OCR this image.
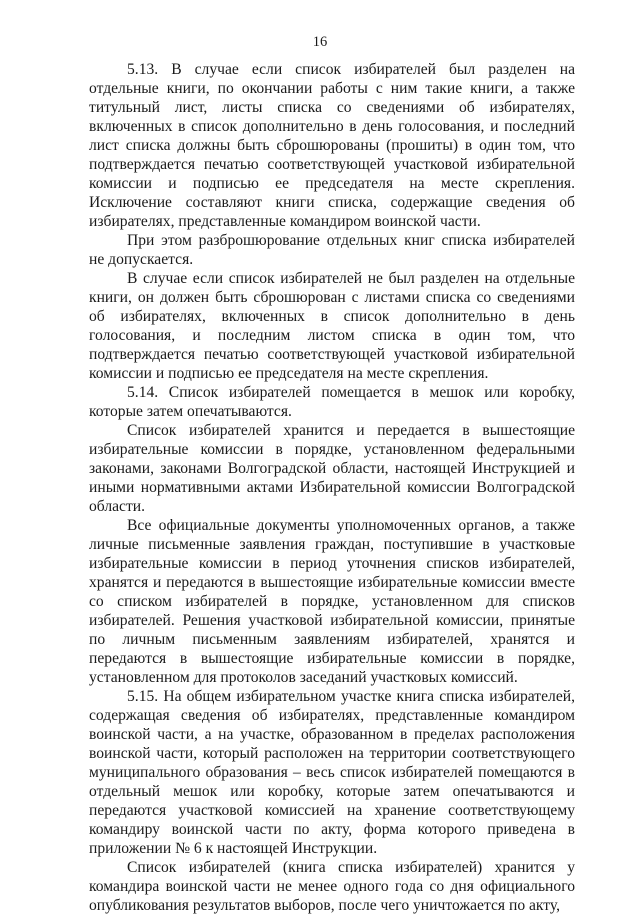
16

5.13. В случае если список избирателей был разделен на отдельные книги, по окончании работы с ним такие книги, а также титульный лист, листы списка со сведениями об избирателях, включенных в список дополнительно в день голосования, и последний лист списка должны быть сброшюрованы (прошиты) в один том, что подтверждается печатью соответствующей участковой избирательной комиссии и подписью ее председателя на месте скрепления. Исключение составляют книги списка, содержащие сведения об избирателях, представленные командиром воинской части.

При этом разброшюрование отдельных книг списка избирателей не допускается.

В случае если список избирателей не был разделен на отдельные книги, он должен быть сброшюрован с листами списка со сведениями об избирателях, включенных в список дополнительно в день голосования, и последним листом списка в один том, что подтверждается печатью соответствующей участковой избирательной комиссии и подписью ее председателя на месте скрепления.

5.14. Список избирателей помещается в мешок или коробку, которые затем опечатываются.

Список избирателей хранится и передается в вышестоящие избирательные комиссии в порядке, установленном федеральными законами, законами Волгоградской области, настоящей Инструкцией и иными нормативными актами Избирательной комиссии Волгоградской области.

Все официальные документы уполномоченных органов, а также личные письменные заявления граждан, поступившие в участковые избирательные комиссии в период уточнения списков избирателей, хранятся и передаются в вышестоящие избирательные комиссии вместе со списком избирателей в порядке, установленном для списков избирателей. Решения участковой избирательной комиссии, принятые по личным письменным заявлениям избирателей, хранятся и передаются в вышестоящие избирательные комиссии в порядке, установленном для протоколов заседаний участковых комиссий.

5.15. На общем избирательном участке книга списка избирателей, содержащая сведения об избирателях, представленные командиром воинской части, а на участке, образованном в пределах расположения воинской части, который расположен на территории соответствующего муниципального образования – весь список избирателей помещаются в отдельный мешок или коробку, которые затем опечатываются и передаются участковой комиссией на хранение соответствующему командиру воинской части по акту, форма которого приведена в приложении № 6 к настоящей Инструкции.

Список избирателей (книга списка избирателей) хранится у командира воинской части не менее одного года со дня официального опубликования результатов выборов, после чего уничтожается по акту,
